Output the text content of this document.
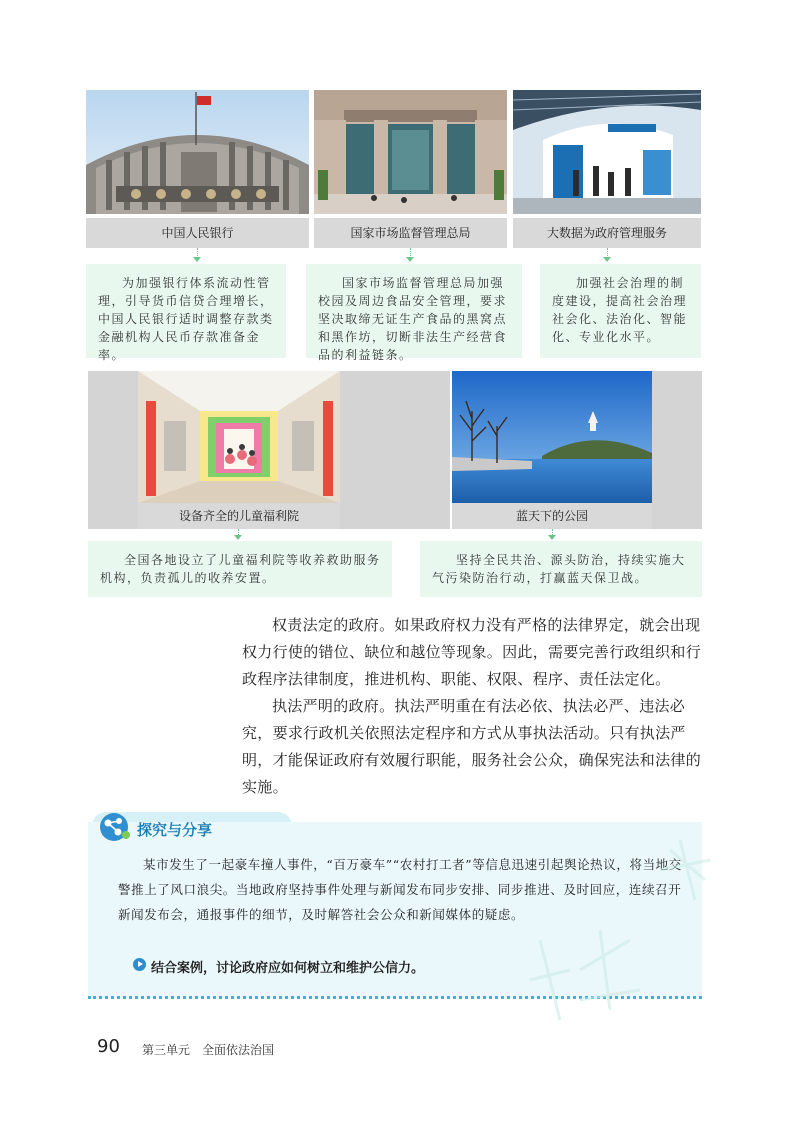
中国人民银行	国家市场监督管理总局	大数据为政府管理服务
为加强银行体系流动性管理，引导货币信贷合理增长，中国人民银行适时调整存款类金融机构人民币存款准备金率。
国家市场监督管理总局加强校园及周边食品安全管理，要求坚决取缔无证生产食品的黑窝点和黑作坊，切断非法生产经营食品的利益链条。
加强社会治理的制度建设，提高社会治理社会化、法治化、智能化、专业化水平。
设备齐全的儿童福利院	蓝天下的公园
全国各地设立了儿童福利院等收养救助服务机构，负责孤儿的收养安置。
坚持全民共治、源头防治，持续实施大气污染防治行动，打赢蓝天保卫战。

权责法定的政府。如果政府权力没有严格的法律界定，就会出现权力行使的错位、缺位和越位等现象。因此，需要完善行政组织和行政程序法律制度，推进机构、职能、权限、程序、责任法定化。

执法严明的政府。执法严明重在有法必依、执法必严、违法必究，要求行政机关依照法定程序和方式从事执法活动。只有执法严明，才能保证政府有效履行职能，服务社会公众，确保宪法和法律的实施。

探究与分享

某市发生了一起豪车撞人事件，“百万豪车”“农村打工者”等信息迅速引起舆论热议，将当地交警推上了风口浪尖。当地政府坚持事件处理与新闻发布同步安排、同步推进、及时回应，连续召开新闻发布会，通报事件的细节，及时解答社会公众和新闻媒体的疑虑。

结合案例，讨论政府应如何树立和维护公信力。
90 第三单元　全面依法治国
